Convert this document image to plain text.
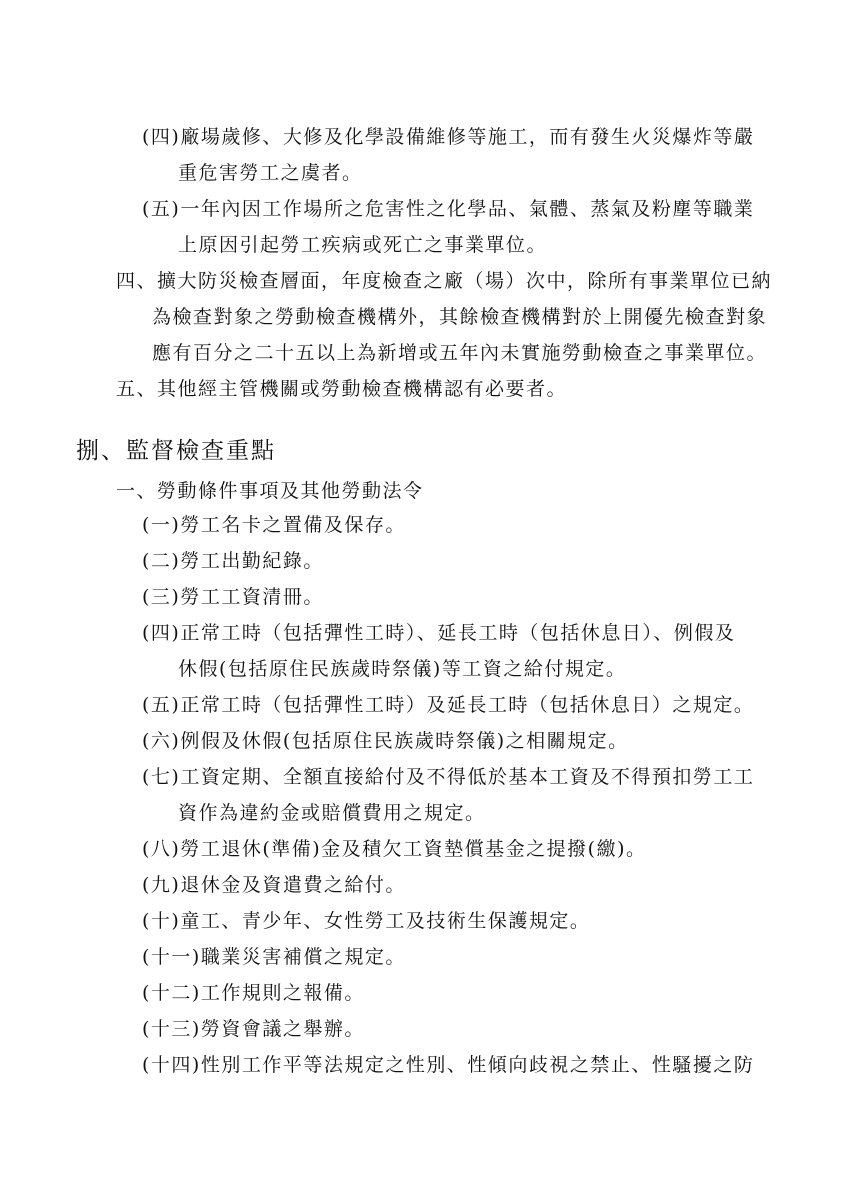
(四)廠場歲修、大修及化學設備維修等施工，而有發生火災爆炸等嚴
重危害勞工之虞者。
(五)一年內因工作場所之危害性之化學品、氣體、蒸氣及粉塵等職業
上原因引起勞工疾病或死亡之事業單位。
四、擴大防災檢查層面，年度檢查之廠（場）次中，除所有事業單位已納
為檢查對象之勞動檢查機構外，其餘檢查機構對於上開優先檢查對象
應有百分之二十五以上為新增或五年內未實施勞動檢查之事業單位。
五、其他經主管機關或勞動檢查機構認有必要者。
捌、監督檢查重點
一、勞動條件事項及其他勞動法令
(一)勞工名卡之置備及保存。
(二)勞工出勤紀錄。
(三)勞工工資清冊。
(四)正常工時（包括彈性工時）、延長工時（包括休息日）、例假及
休假(包括原住民族歲時祭儀)等工資之給付規定。
(五)正常工時（包括彈性工時）及延長工時（包括休息日）之規定。
(六)例假及休假(包括原住民族歲時祭儀)之相關規定。
(七)工資定期、全額直接給付及不得低於基本工資及不得預扣勞工工
資作為違約金或賠償費用之規定。
(八)勞工退休(準備)金及積欠工資墊償基金之提撥(繳)。
(九)退休金及資遣費之給付。
(十)童工、青少年、女性勞工及技術生保護規定。
(十一)職業災害補償之規定。
(十二)工作規則之報備。
(十三)勞資會議之舉辦。
(十四)性別工作平等法規定之性別、性傾向歧視之禁止、性騷擾之防
